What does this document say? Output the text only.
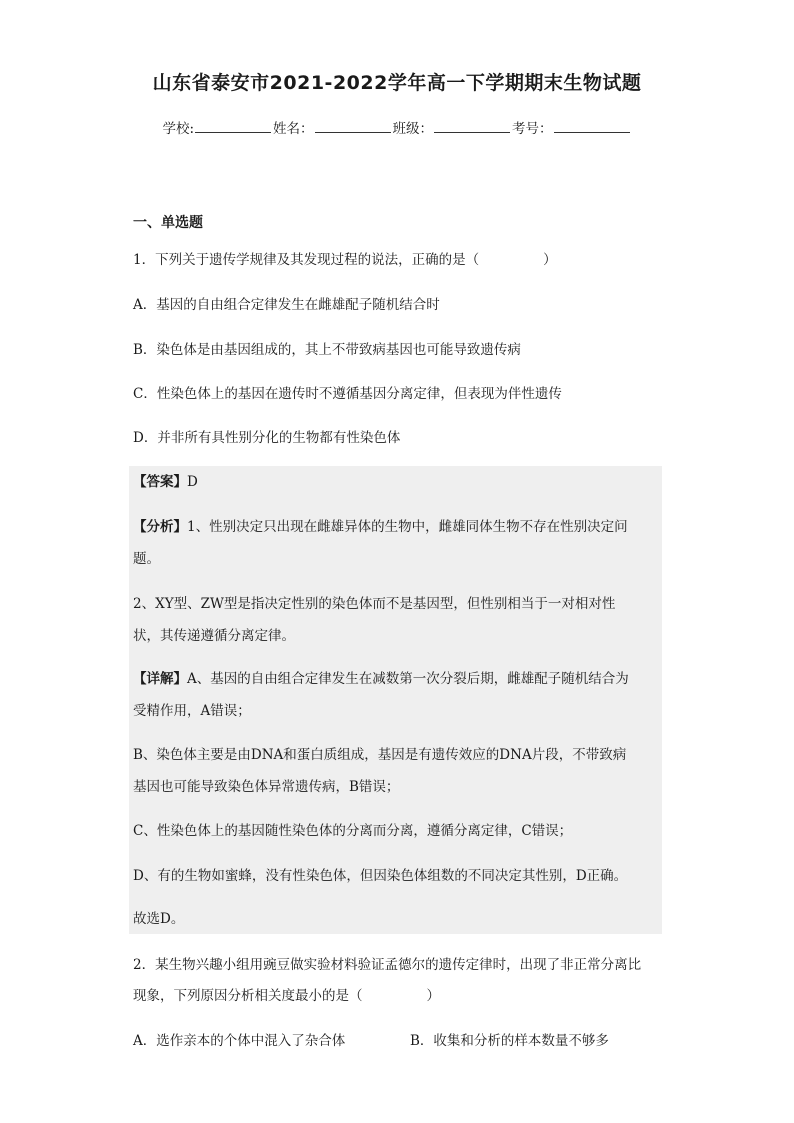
山东省泰安市2021-2022学年高一下学期期末生物试题
学校:	姓名：	班级：	考号：
一、单选题
1．下列关于遗传学规律及其发现过程的说法，正确的是（	）
A．基因的自由组合定律发生在雌雄配子随机结合时
B．染色体是由基因组成的，其上不带致病基因也可能导致遗传病
C．性染色体上的基因在遗传时不遵循基因分离定律，但表现为伴性遗传
D．并非所有具性别分化的生物都有性染色体
【答案】D
【分析】1、性别决定只出现在雌雄异体的生物中，雌雄同体生物不存在性别决定问
题。
2、XY型、ZW型是指决定性别的染色体而不是基因型，但性别相当于一对相对性
状，其传递遵循分离定律。
【详解】A、基因的自由组合定律发生在减数第一次分裂后期，雌雄配子随机结合为
受精作用，A错误；
B、染色体主要是由DNA和蛋白质组成，基因是有遗传效应的DNA片段，不带致病
基因也可能导致染色体异常遗传病，B错误；
C、性染色体上的基因随性染色体的分离而分离，遵循分离定律，C错误；
D、有的生物如蜜蜂，没有性染色体，但因染色体组数的不同决定其性别，D正确。
故选D。
2．某生物兴趣小组用豌豆做实验材料验证孟德尔的遗传定律时，出现了非正常分离比
现象，下列原因分析相关度最小的是（	）
A．选作亲本的个体中混入了杂合体	B．收集和分析的样本数量不够多
